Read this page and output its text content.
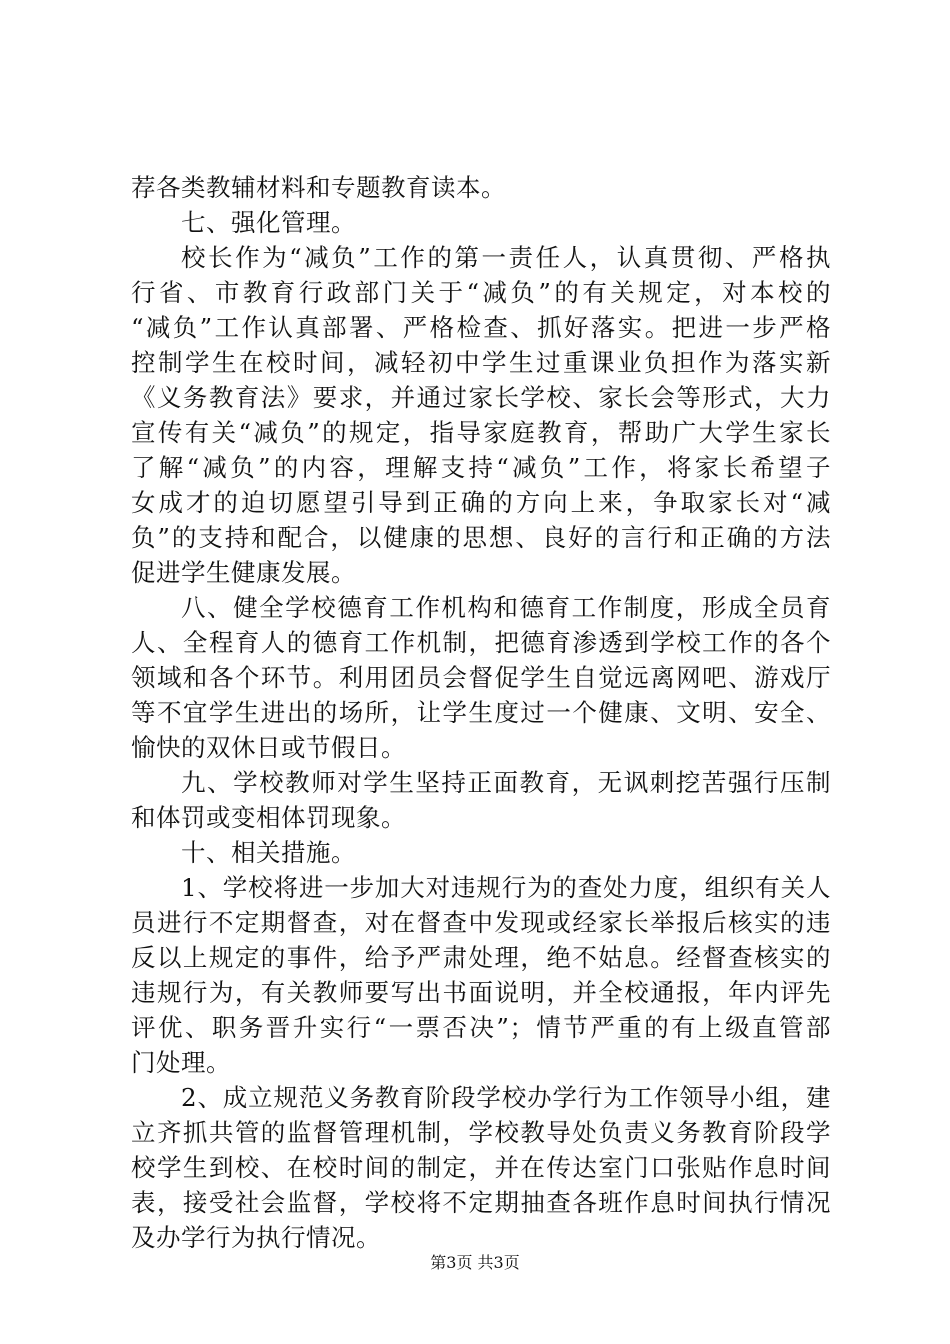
荐各类教辅材料和专题教育读本。
七、强化管理。
校长作为“减负”工作的第一责任人，认真贯彻、严格执
行省、市教育行政部门关于“减负”的有关规定，对本校的
“减负”工作认真部署、严格检查、抓好落实。把进一步严格
控制学生在校时间，减轻初中学生过重课业负担作为落实新
《义务教育法》要求，并通过家长学校、家长会等形式，大力
宣传有关“减负”的规定，指导家庭教育，帮助广大学生家长
了解“减负”的内容，理解支持“减负”工作，将家长希望子
女成才的迫切愿望引导到正确的方向上来，争取家长对“减
负”的支持和配合，以健康的思想、良好的言行和正确的方法
促进学生健康发展。
八、健全学校德育工作机构和德育工作制度，形成全员育
人、全程育人的德育工作机制，把德育渗透到学校工作的各个
领域和各个环节。利用团员会督促学生自觉远离网吧、游戏厅
等不宜学生进出的场所，让学生度过一个健康、文明、安全、
愉快的双休日或节假日。
九、学校教师对学生坚持正面教育，无讽刺挖苦强行压制
和体罚或变相体罚现象。
十、相关措施。
1、学校将进一步加大对违规行为的查处力度，组织有关人
员进行不定期督查，对在督查中发现或经家长举报后核实的违
反以上规定的事件，给予严肃处理，绝不姑息。经督查核实的
违规行为，有关教师要写出书面说明，并全校通报，年内评先
评优、职务晋升实行“一票否决”；情节严重的有上级直管部
门处理。
2、成立规范义务教育阶段学校办学行为工作领导小组，建
立齐抓共管的监督管理机制，学校教导处负责义务教育阶段学
校学生到校、在校时间的制定，并在传达室门口张贴作息时间
表，接受社会监督，学校将不定期抽查各班作息时间执行情况
及办学行为执行情况。
第3页 共3页
